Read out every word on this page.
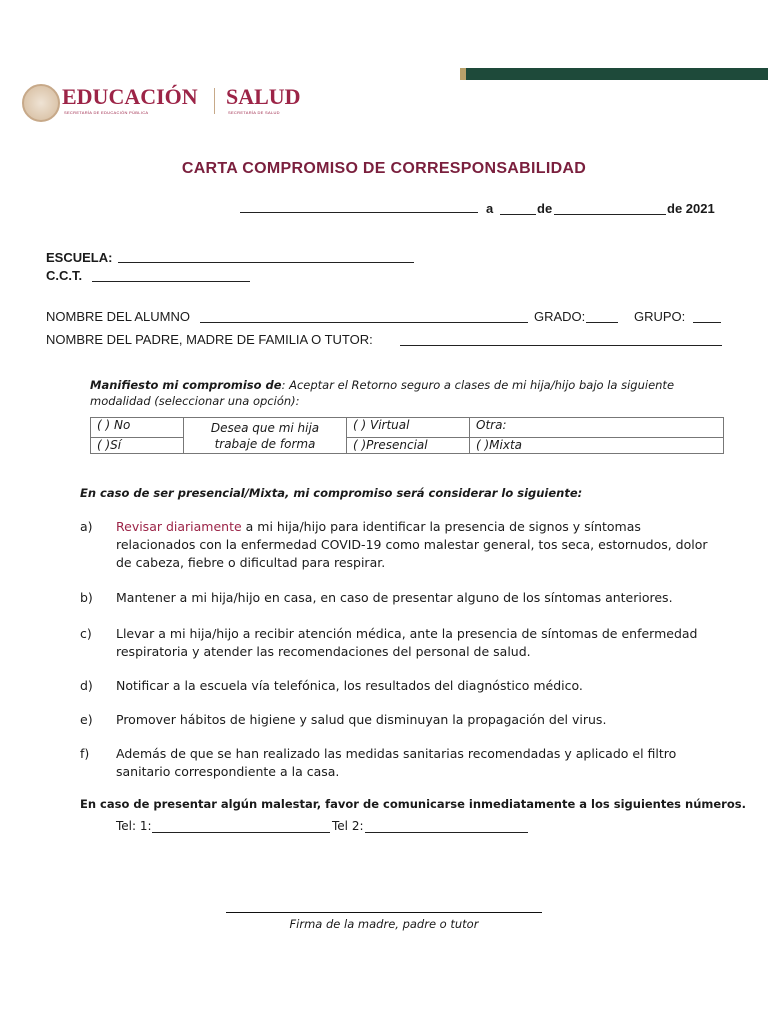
EDUCACIÓN
SECRETARÍA DE EDUCACIÓN PÚBLICA
SALUD
SECRETARÍA DE SALUD
CARTA COMPROMISO DE CORRESPONSABILIDAD
a	de	de 2021
ESCUELA:
C.C.T.
NOMBRE DEL ALUMNO	GRADO:	GRUPO:
NOMBRE DEL PADRE, MADRE DE FAMILIA O TUTOR:
Manifiesto mi compromiso de: Aceptar el Retorno seguro a clases de mi hija/hijo bajo la siguiente
modalidad (seleccionar una opción):
( ) No	Desea que mi hija trabaje de forma	( ) Virtual	Otra:
( )Sí		( )Presencial	( )Mixta
En caso de ser presencial/Mixta, mi compromiso será considerar lo siguiente:
a) Revisar diariamente a mi hija/hijo para identificar la presencia de signos y síntomas relacionados con la enfermedad COVID-19 como malestar general, tos seca, estornudos, dolor de cabeza, fiebre o dificultad para respirar.
b) Mantener a mi hija/hijo en casa, en caso de presentar alguno de los síntomas anteriores.
c) Llevar a mi hija/hijo a recibir atención médica, ante la presencia de síntomas de enfermedad respiratoria y atender las recomendaciones del personal de salud.
d) Notificar a la escuela vía telefónica, los resultados del diagnóstico médico.
e) Promover hábitos de higiene y salud que disminuyan la propagación del virus.
f) Además de que se han realizado las medidas sanitarias recomendadas y aplicado el filtro sanitario correspondiente a la casa.
En caso de presentar algún malestar, favor de comunicarse inmediatamente a los siguientes números.
Tel: 1:	Tel 2:
Firma de la madre, padre o tutor
